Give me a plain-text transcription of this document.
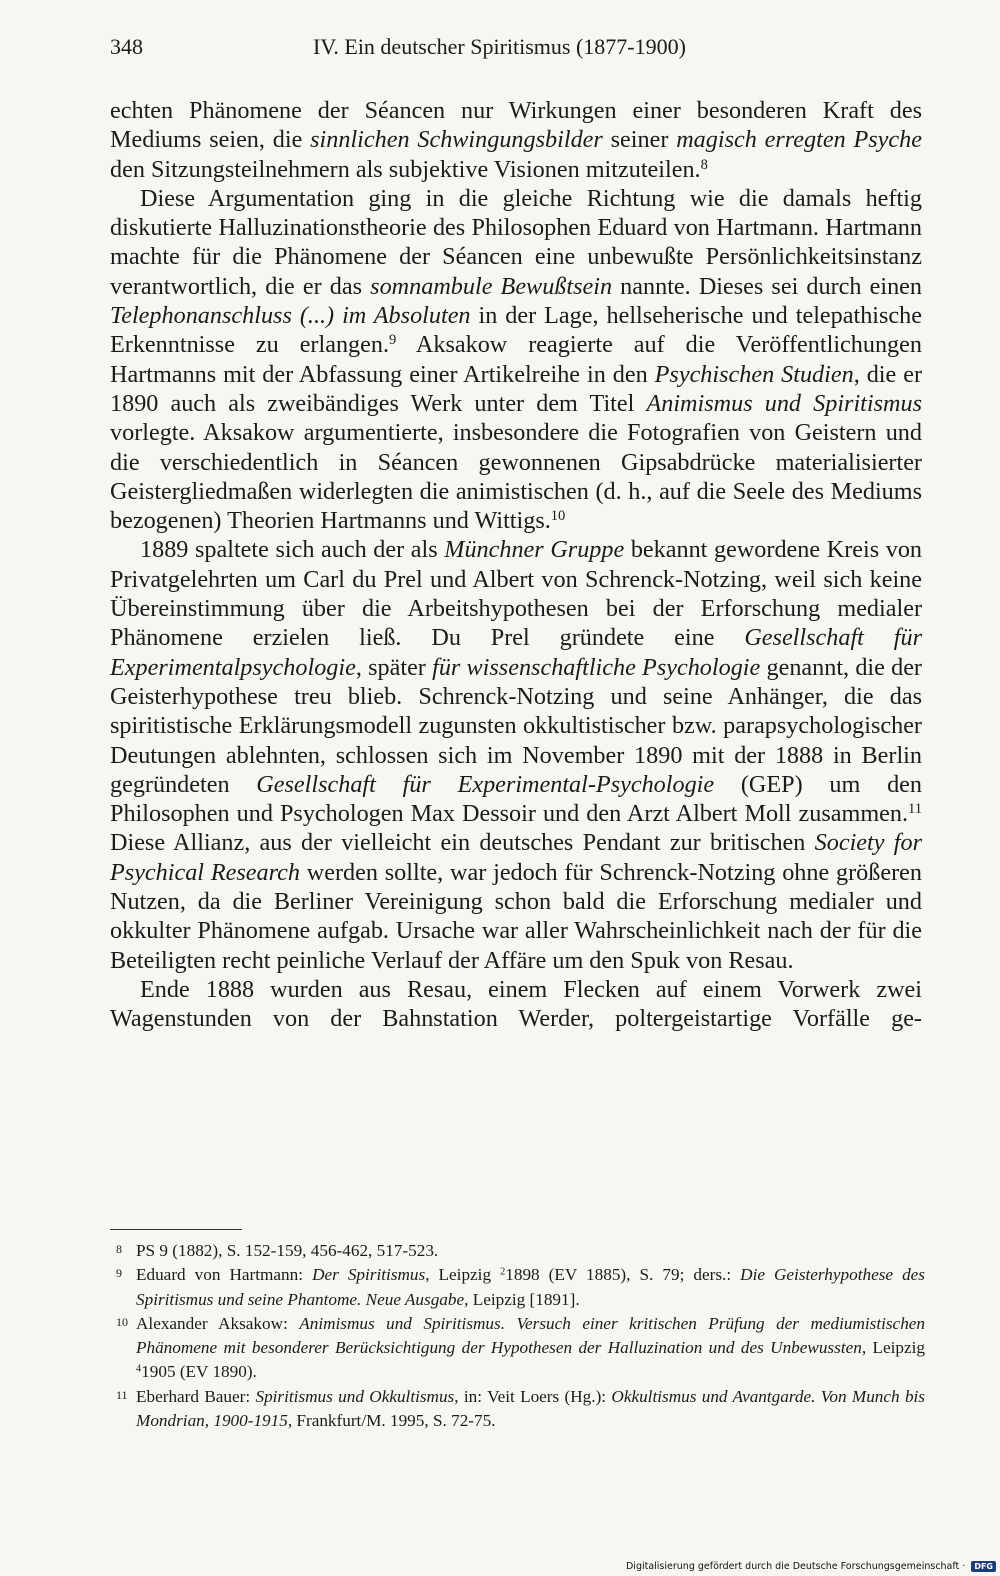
348	IV. Ein deutscher Spiritismus (1877-1900)

echten Phänomene der Séancen nur Wirkungen einer besonderen Kraft des Mediums seien, die sinnlichen Schwingungsbilder seiner magisch erregten Psyche den Sitzungsteilnehmern als subjektive Visionen mitzuteilen.$^8$

Diese Argumentation ging in die gleiche Richtung wie die damals heftig diskutierte Halluzinationstheorie des Philosophen Eduard von Hartmann. Hartmann machte für die Phänomene der Séancen eine unbewußte Persönlichkeitsinstanz verantwortlich, die er das somnambule Bewußtsein nannte. Dieses sei durch einen Telephonanschluss (...) im Absoluten in der Lage, hellseherische und telepathische Erkenntnisse zu erlangen.$^9$ Aksakow reagierte auf die Veröffentlichungen Hartmanns mit der Abfassung einer Artikelreihe in den Psychischen Studien, die er 1890 auch als zweibändiges Werk unter dem Titel Animismus und Spiritismus vorlegte. Aksakow argumentierte, insbesondere die Fotografien von Geistern und die verschiedentlich in Séancen gewonnenen Gipsabdrücke materialisierter Geistergliedmaßen widerlegten die animistischen (d. h., auf die Seele des Mediums bezogenen) Theorien Hartmanns und Wittigs.$^{10}$

1889 spaltete sich auch der als Münchner Gruppe bekannt gewordene Kreis von Privatgelehrten um Carl du Prel und Albert von Schrenck-Notzing, weil sich keine Übereinstimmung über die Arbeitshypothesen bei der Erforschung medialer Phänomene erzielen ließ. Du Prel gründete eine Gesellschaft für Experimentalpsychologie, später für wissenschaftliche Psychologie genannt, die der Geisterhypothese treu blieb. Schrenck-Notzing und seine Anhänger, die das spiritistische Erklärungsmodell zugunsten okkultistischer bzw. parapsychologischer Deutungen ablehnten, schlossen sich im November 1890 mit der 1888 in Berlin gegründeten Gesellschaft für Experimental-Psychologie (GEP) um den Philosophen und Psychologen Max Dessoir und den Arzt Albert Moll zusammen.$^{11}$ Diese Allianz, aus der vielleicht ein deutsches Pendant zur britischen Society for Psychical Research werden sollte, war jedoch für Schrenck-Notzing ohne größeren Nutzen, da die Berliner Vereinigung schon bald die Erforschung medialer und okkulter Phänomene aufgab. Ursache war aller Wahrscheinlichkeit nach der für die Beteiligten recht peinliche Verlauf der Affäre um den Spuk von Resau.

Ende 1888 wurden aus Resau, einem Flecken auf einem Vorwerk zwei Wagenstunden von der Bahnstation Werder, poltergeistartige Vorfälle ge-

8 PS 9 (1882), S. 152-159, 456-462, 517-523.
9 Eduard von Hartmann: Der Spiritismus, Leipzig $^2$1898 (EV 1885), S. 79; ders.: Die Geisterhypothese des Spiritismus und seine Phantome. Neue Ausgabe, Leipzig [1891].
10 Alexander Aksakow: Animismus und Spiritismus. Versuch einer kritischen Prüfung der mediumistischen Phänomene mit besonderer Berücksichtigung der Hypothesen der Halluzination und des Unbewussten, Leipzig $^4$1905 (EV 1890).
11 Eberhard Bauer: Spiritismus und Okkultismus, in: Veit Loers (Hg.): Okkultismus und Avantgarde. Von Munch bis Mondrian, 1900-1915, Frankfurt/M. 1995, S. 72-75.
Digitalisierung gefördert durch die Deutsche Forschungsgemeinschaft ·	DFG
